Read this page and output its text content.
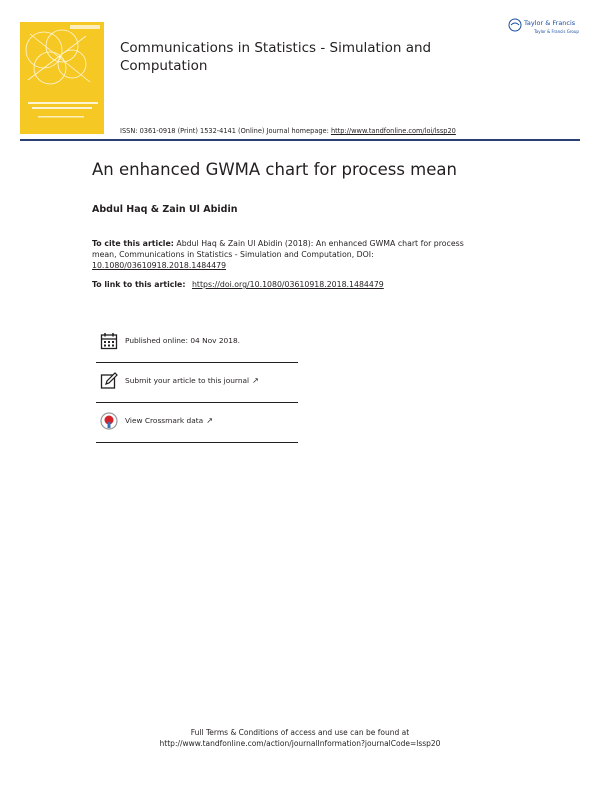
Communications in Statistics - Simulation and Computation
Taylor & Francis
Taylor & Francis Group
ISSN: 0361-0918 (Print) 1532-4141 (Online) Journal homepage: http://www.tandfonline.com/loi/lssp20
An enhanced GWMA chart for process mean
Abdul Haq & Zain Ul Abidin
To cite this article: Abdul Haq & Zain Ul Abidin (2018): An enhanced GWMA chart for process mean, Communications in Statistics - Simulation and Computation, DOI: 10.1080/03610918.2018.1484479
To link to this article: https://doi.org/10.1080/03610918.2018.1484479
Published online: 04 Nov 2018.
Submit your article to this journal ↗
View Crossmark data ↗
Full Terms & Conditions of access and use can be found at
http://www.tandfonline.com/action/journalInformation?journalCode=lssp20
